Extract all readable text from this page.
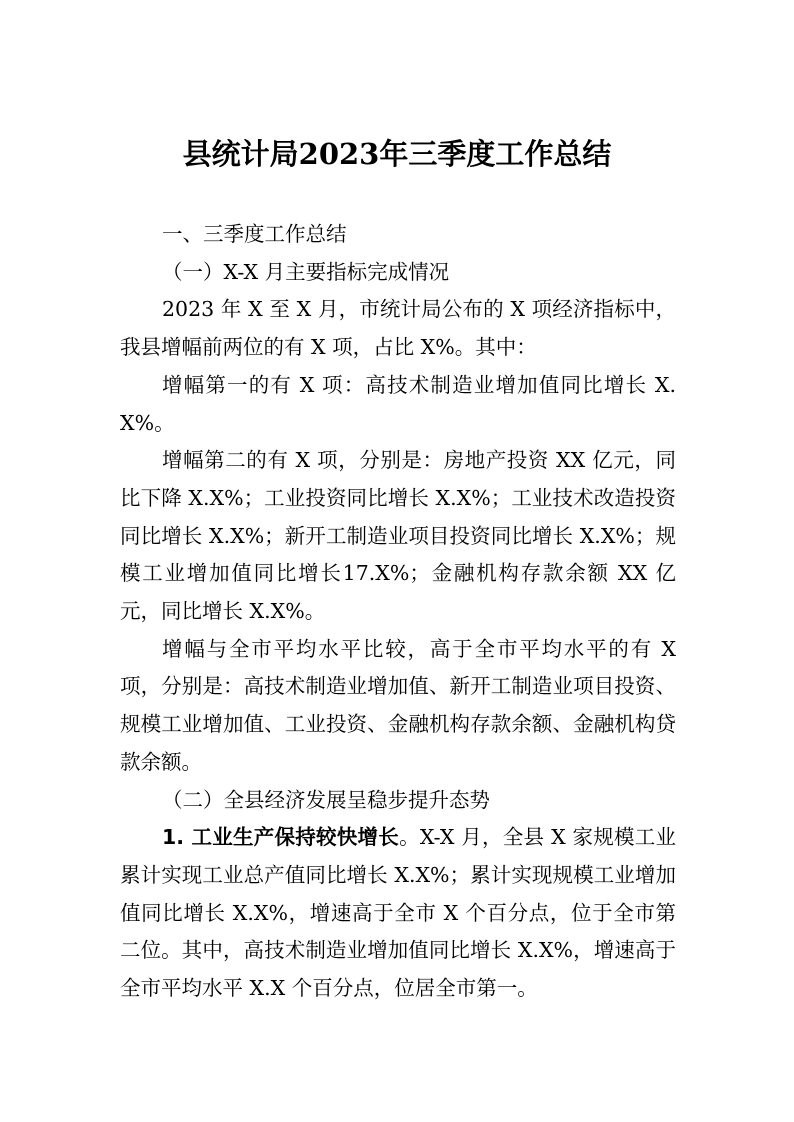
县统计局2023年三季度工作总结

一、三季度工作总结

（一）X-X 月主要指标完成情况

2023 年 X 至 X 月，市统计局公布的 X 项经济指标中，我县增幅前两位的有 X 项，占比 X%。其中：

增幅第一的有 X 项：高技术制造业增加值同比增长 X.X%。

增幅第二的有 X 项，分别是：房地产投资 XX 亿元，同比下降 X.X%；工业投资同比增长 X.X%；工业技术改造投资同比增长 X.X%；新开工制造业项目投资同比增长 X.X%；规模工业增加值同比增长17.X%；金融机构存款余额 XX 亿元，同比增长 X.X%。

增幅与全市平均水平比较，高于全市平均水平的有 X 项，分别是：高技术制造业增加值、新开工制造业项目投资、规模工业增加值、工业投资、金融机构存款余额、金融机构贷款余额。

（二）全县经济发展呈稳步提升态势

1. 工业生产保持较快增长。X-X 月，全县 X 家规模工业累计实现工业总产值同比增长 X.X%；累计实现规模工业增加值同比增长 X.X%，增速高于全市 X 个百分点，位于全市第二位。其中，高技术制造业增加值同比增长 X.X%，增速高于全市平均水平 X.X 个百分点，位居全市第一。
